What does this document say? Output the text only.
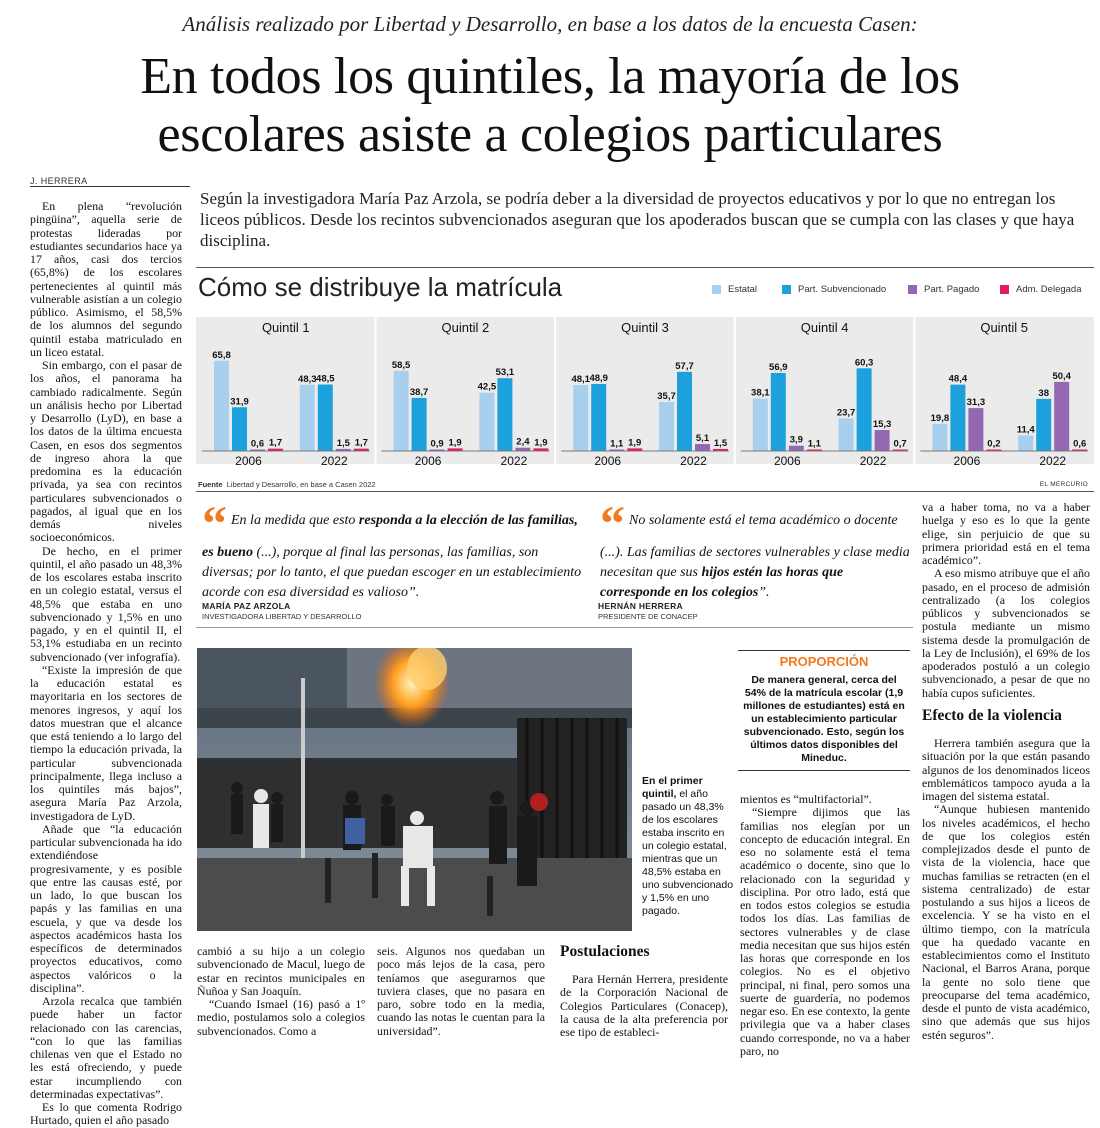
Análisis realizado por Libertad y Desarrollo, en base a los datos de la encuesta Casen:
En todos los quintiles, la mayoría de los
escolares asiste a colegios particulares
J. HERRERA
Según la investigadora María Paz Arzola, se podría deber a la diversidad de proyectos educativos y por lo que no entregan los liceos públicos. Desde los recintos subvencionados aseguran que los apoderados buscan que se cumpla con las clases y que haya disciplina.

En plena “revolución pingüina”, aquella serie de protestas lideradas por estudiantes secundarios hace ya 17 años, casi dos tercios (65,8%) de los escolares pertenecientes al quintil más vulnerable asistían a un colegio público. Asimismo, el 58,5% de los alumnos del segundo quintil estaba matriculado en un liceo estatal.

Sin embargo, con el pasar de los años, el panorama ha cambiado radicalmente. Según un análisis hecho por Libertad y Desarrollo (LyD), en base a los datos de la última encuesta Casen, en esos dos segmentos de ingreso ahora la que predomina es la educación privada, ya sea con recintos particulares subvencionados o pagados, al igual que en los demás niveles socioeconómicos.

De hecho, en el primer quintil, el año pasado un 48,3% de los escolares estaba inscrito en un colegio estatal, versus el 48,5% que estaba en uno subvencionado y 1,5% en uno pagado, y en el quintil II, el 53,1% estudiaba en un recinto subvencionado (ver infografía).

“Existe la impresión de que la educación estatal es mayoritaria en los sectores de menores ingresos, y aquí los datos muestran que el alcance que está teniendo a lo largo del tiempo la educación privada, la particular subvencionada principalmente, llega incluso a los quintiles más bajos”, asegura María Paz Arzola, investigadora de LyD.

Añade que “la educación particular subvencionada ha ido extendiéndose progresivamente, y es posible que entre las causas esté, por un lado, lo que buscan los papás y las familias en una escuela, y que va desde los aspectos académicos hasta los específicos de determinados proyectos educativos, como aspectos valóricos o la disciplina”.

Arzola recalca que también puede haber un factor relacionado con las carencias, “con lo que las familias chilenas ven que el Estado no les está ofreciendo, y puede estar incumpliendo con determinadas expectativas”.

Es lo que comenta Rodrigo Hurtado, quien el año pasado

Cómo se distribuye la matrícula	Estatal	Part. Subvencionado	Part. Pagado	Adm. Delegada
Quintil 1
65,8
31,9
0,6 1,7
2006
48,3 48,5
1,5 1,7
2022
Quintil 2
58,5
38,7
0,9 1,9
2006
42,5
53,1
2,4 1,9
2022
Quintil 3
48,1 48,9
1,1 1,9
2006
35,7
57,7
5,1 1,5
2022
Quintil 4
38,1
56,9
3,9 1,1
2006
23,7
60,3
15,3
0,7
2022
Quintil 5
19,8
48,4
31,3
0,2
2006
11,4
38
50,4
0,6
2022
Fuente Libertad y Desarrollo, en base a Casen 2022	EL MERCURIO
“ En la medida que esto responda a la elección de las familias, es bueno (...), porque al final las personas, las familias, son diversas; por lo tanto, el que puedan escoger en un establecimiento acorde con esa diversidad es valioso”.
MARÍA PAZ ARZOLA
INVESTIGADORA LIBERTAD Y DESARROLLO
“ No solamente está el tema académico o docente (...). Las familias de sectores vulnerables y clase media necesitan que sus hijos estén las horas que corresponde en los colegios”.
HERNÁN HERRERA
PRESIDENTE DE CONACEP

va a haber toma, no va a haber huelga y eso es lo que la gente elige, sin perjuicio de que su primera prioridad está en el tema académico”.

A eso mismo atribuye que el año pasado, en el proceso de admisión centralizado (a los colegios públicos y subvencionados se postula mediante un mismo sistema desde la promulgación de la Ley de Inclusión), el 69% de los apoderados postuló a un colegio subvencionado, a pesar de que no había cupos suficientes.

Efecto de la violencia

Herrera también asegura que la situación por la que están pasando algunos de los denominados liceos emblemáticos tampoco ayuda a la imagen del sistema estatal.

“Aunque hubiesen mantenido los niveles académicos, el hecho de que los colegios estén complejizados desde el punto de vista de la violencia, hace que muchas familias se retracten (en el sistema centralizado) de estar postulando a sus hijos a liceos de excelencia. Y se ha visto en el último tiempo, con la matrícula que ha quedado vacante en establecimientos como el Instituto Nacional, el Barros Arana, porque la gente no solo tiene que preocuparse del tema académico, desde el punto de vista académico, sino que además que sus hijos estén seguros”.

En el primer quintil, el año pasado un 48,3% de los escolares estaba inscrito en un colegio estatal, mientras que un 48,5% estaba en uno subvencionado y 1,5% en uno pagado.
PROPORCIÓN
De manera general, cerca del 54% de la matrícula escolar (1,9 millones de estudiantes) está en un establecimiento particular subvencionado. Esto, según los últimos datos disponibles del Mineduc.

mientos es “multifactorial”.

“Siempre dijimos que las familias nos elegían por un concepto de educación integral. En eso no solamente está el tema académico o docente, sino que lo relacionado con la seguridad y disciplina. Por otro lado, está que en todos estos colegios se estudia todos los días. Las familias de sectores vulnerables y de clase media necesitan que sus hijos estén las horas que corresponde en los colegios. No es el objetivo principal, ni final, pero somos una suerte de guardería, no podemos negar eso. En ese contexto, la gente privilegia que va a haber clases cuando corresponde, no va a haber paro, no

cambió a su hijo a un colegio subvencionado de Macul, luego de estar en recintos municipales en Ñuñoa y San Joaquín.

“Cuando Ismael (16) pasó a 1º medio, postulamos solo a colegios subvencionados. Como a

seis. Algunos nos quedaban un poco más lejos de la casa, pero teníamos que asegurarnos que tuviera clases, que no pasara en paro, sobre todo en la media, cuando las notas le cuentan para la universidad”.

Postulaciones

Para Hernán Herrera, presidente de la Corporación Nacional de Colegios Particulares (Conacep), la causa de la alta preferencia por ese tipo de estableci-
